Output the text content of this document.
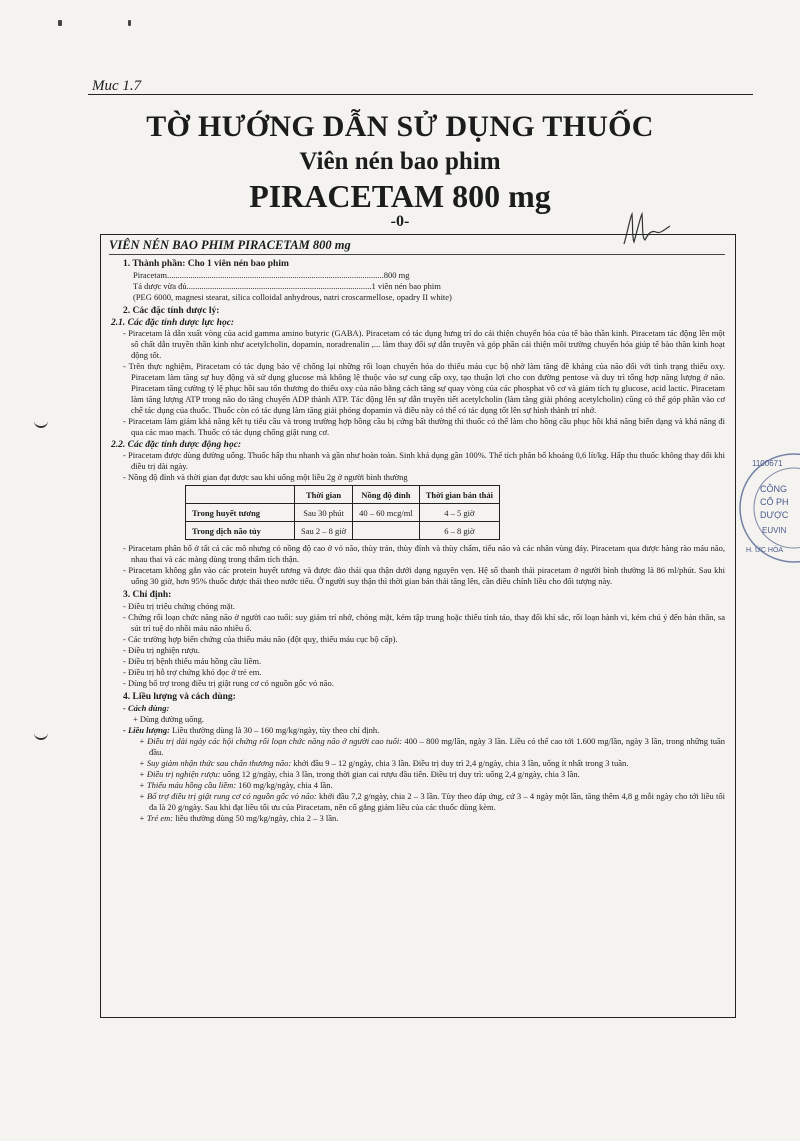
Muc 1.7
TỜ HƯỚNG DẪN SỬ DỤNG THUỐC
Viên nén bao phim
PIRACETAM 800 mg
-0-
VIÊN NÉN BAO PHIM PIRACETAM 800 mg
1. Thành phần: Cho 1 viên nén bao phim
Piracetam...................................................................................................... 800 mg
Tá dược vừa đủ....................................................................................... 1 viên nén bao phim
(PEG 6000, magnesi stearat, silica colloidal anhydrous, natri croscarmellose, opadry II white)
2. Các đặc tính dược lý:
2.1. Các đặc tính dược lực học:

- Piracetam là dẫn xuất vòng của acid gamma amino butyric (GABA). Piracetam có tác dụng hưng trí do cải thiện chuyển hóa của tế bào thần kinh. Piracetam tác động lên một số chất dẫn truyền thần kinh như acetylcholin, dopamin, noradrenalin ,... làm thay đổi sự dẫn truyền và góp phần cải thiện môi trường chuyển hóa giúp tế bào thần kinh hoạt động tốt.

- Trên thực nghiệm, Piracetam có tác dụng bảo vệ chống lại những rối loạn chuyển hóa do thiếu máu cục bộ nhờ làm tăng đề kháng của não đối với tình trạng thiếu oxy. Piracetam làm tăng sự huy động và sử dụng glucose mà không lệ thuộc vào sự cung cấp oxy, tạo thuận lợi cho con đường pentose và duy trì tổng hợp năng lượng ở não. Piracetam tăng cường tỷ lệ phục hồi sau tổn thương do thiếu oxy của não bằng cách tăng sự quay vòng của các phosphat vô cơ và giảm tích tụ glucose, acid lactic. Piracetam làm tăng lượng ATP trong não do tăng chuyển ADP thành ATP. Tác động lên sự dẫn truyền tiết acetylcholin (làm tăng giải phóng acetylcholin) cũng có thể góp phần vào cơ chế tác dụng của thuốc. Thuốc còn có tác dụng làm tăng giải phóng dopamin và điều này có thể có tác dụng tốt lên sự hình thành trí nhớ.

- Piracetam làm giảm khả năng kết tụ tiểu cầu và trong trường hợp hồng cầu bị cứng bất thường thì thuốc có thể làm cho hồng cầu phục hồi khả năng biến dạng và khả năng đi qua các mao mạch. Thuốc có tác dụng chống giật rung cơ.

2.2. Các đặc tính dược động học:

- Piracetam được dùng đường uống. Thuốc hấp thu nhanh và gần như hoàn toàn. Sinh khả dụng gần 100%. Thể tích phân bố khoảng 0,6 lít/kg. Hấp thu thuốc không thay đổi khi điều trị dài ngày.

- Nồng độ đỉnh và thời gian đạt được sau khi uống một liều 2g ở người bình thường

	Thời gian	Nồng độ đỉnh	Thời gian bán thải
Trong huyết tương	Sau 30 phút	40 – 60 mcg/ml	4 – 5 giờ
Trong dịch não tủy	Sau 2 – 8 giờ		6 – 8 giờ

- Piracetam phân bố ở tất cả các mô nhưng có nồng độ cao ở vỏ não, thùy trán, thùy đỉnh và thùy chẩm, tiểu não và các nhân vùng đáy. Piracetam qua được hàng rào máu não, nhau thai và các màng dùng trong thẩm tích thận.

- Piracetam không gắn vào các protein huyết tương và được đào thải qua thận dưới dạng nguyên vẹn. Hệ số thanh thải piracetam ở người bình thường là 86 ml/phút. Sau khi uống 30 giờ, hơn 95% thuốc được thải theo nước tiểu. Ở người suy thận thì thời gian bán thải tăng lên, cần điều chỉnh liều cho đối tượng này.

3. Chỉ định:

- Điều trị triệu chứng chóng mặt.

- Chứng rối loạn chức năng não ở người cao tuổi: suy giảm trí nhớ, chóng mặt, kém tập trung hoặc thiếu tỉnh táo, thay đổi khí sắc, rối loạn hành vi, kém chú ý đến bản thân, sa sút trí tuệ do nhồi máu não nhiều ổ.

- Các trường hợp biến chứng của thiếu máu não (đột quỵ, thiếu máu cục bộ cấp).

- Điều trị nghiện rượu.

- Điều trị bệnh thiếu máu hồng cầu liềm.

- Điều trị hỗ trợ chứng khó đọc ở trẻ em.

- Dùng bổ trợ trong điều trị giật rung cơ có nguồn gốc vỏ não.

4. Liều lượng và cách dùng:

- Cách dùng:

+ Dùng đường uống.

- Liều lượng: Liều thường dùng là 30 – 160 mg/kg/ngày, tùy theo chỉ định.

+ Điều trị dài ngày các hội chứng rối loạn chức năng não ở người cao tuổi: 400 – 800 mg/lần, ngày 3 lần. Liều có thể cao tới 1.600 mg/lần, ngày 3 lần, trong những tuần đầu.

+ Suy giảm nhận thức sau chấn thương não: khởi đầu 9 – 12 g/ngày, chia 3 lần. Điều trị duy trì 2,4 g/ngày, chia 3 lần, uống ít nhất trong 3 tuần.

+ Điều trị nghiện rượu: uống 12 g/ngày, chia 3 lần, trong thời gian cai rượu đầu tiên. Điều trị duy trì: uống 2,4 g/ngày, chia 3 lần.

+ Thiếu máu hồng cầu liềm: 160 mg/kg/ngày, chia 4 lần.

+ Bổ trợ điều trị giật rung cơ có nguồn gốc vỏ não: khởi đầu 7,2 g/ngày, chia 2 – 3 lần. Tùy theo đáp ứng, cứ 3 – 4 ngày một lần, tăng thêm 4,8 g mỗi ngày cho tới liều tối đa là 20 g/ngày. Sau khi đạt liều tối ưu của Piracetam, nên cố gắng giảm liều của các thuốc dùng kèm.

+ Trẻ em: liều thường dùng 50 mg/kg/ngày, chia 2 – 3 lần.

1100671
CÔNG
CỔ PH
DƯỢC
EUVIN
H. ỨC HÓA
